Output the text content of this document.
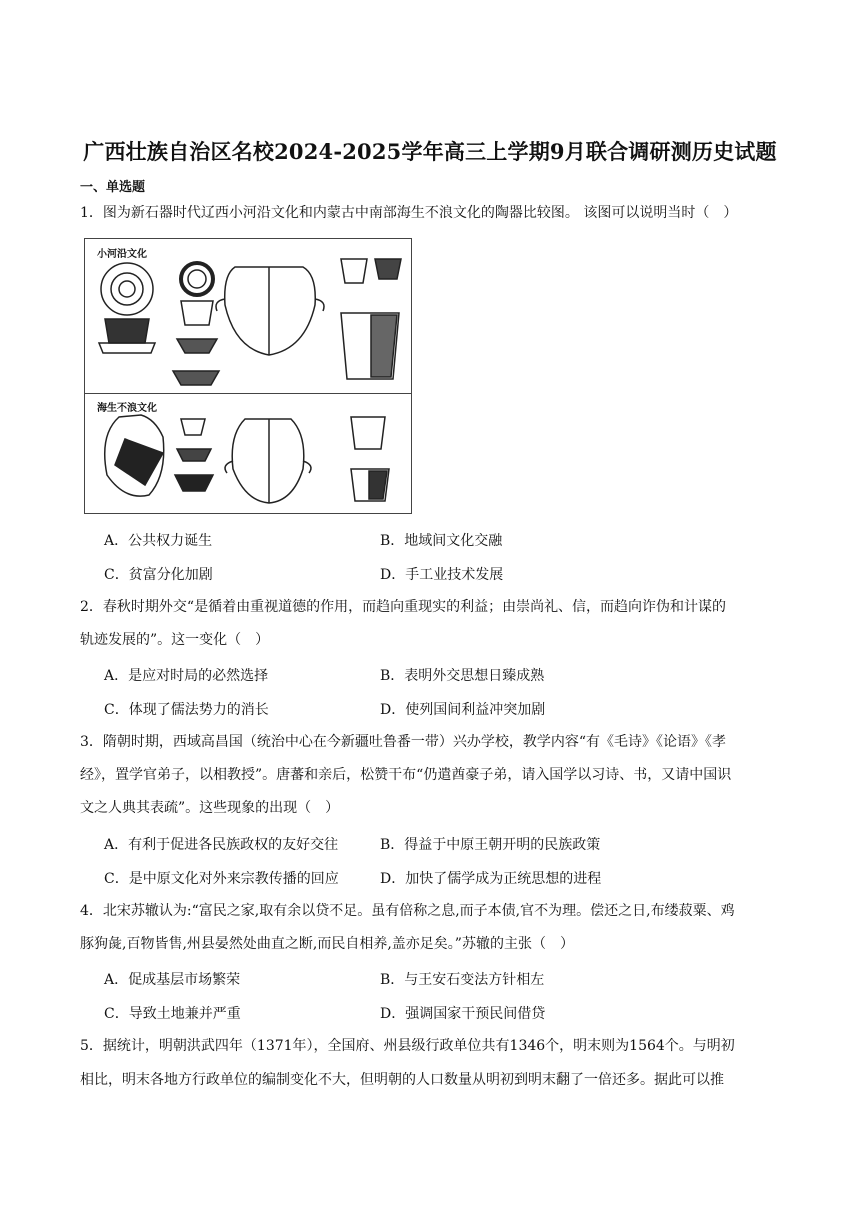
广西壮族自治区名校2024-2025学年高三上学期9月联合调研测历史试题
一、单选题
1．图为新石器时代辽西小河沿文化和内蒙古中南部海生不浪文化的陶器比较图。 该图可以说明当时（　）
小河沿文化
海生不浪文化
A．公共权力诞生	B．地域间文化交融
C．贫富分化加剧	D．手工业技术发展
2．春秋时期外交“是循着由重视道德的作用，而趋向重现实的利益；由崇尚礼、信，而趋向诈伪和计谋的
轨迹发展的”。这一变化（　）
A．是应对时局的必然选择	B．表明外交思想日臻成熟
C．体现了儒法势力的消长	D．使列国间利益冲突加剧
3．隋朝时期，西域高昌国（统治中心在今新疆吐鲁番一带）兴办学校，教学内容“有《毛诗》《论语》《孝
经》，置学官弟子，以相教授”。唐蕃和亲后，松赞干布“仍遣酋豪子弟，请入国学以习诗、书，又请中国识
文之人典其表疏”。这些现象的出现（　）
A．有利于促进各民族政权的友好交往	B．得益于中原王朝开明的民族政策
C．是中原文化对外来宗教传播的回应	D．加快了儒学成为正统思想的进程
4．北宋苏辙认为:“富民之家,取有余以贷不足。虽有倍称之息,而子本债,官不为理。偿还之日,布缕菽粟、鸡
豚狗彘,百物皆售,州县晏然处曲直之断,而民自相养,盖亦足矣。”苏辙的主张（　）
A．促成基层市场繁荣	B．与王安石变法方针相左
C．导致土地兼并严重	D．强调国家干预民间借贷
5．据统计，明朝洪武四年（1371年），全国府、州县级行政单位共有1346个，明末则为1564个。与明初
相比，明末各地方行政单位的编制变化不大，但明朝的人口数量从明初到明末翻了一倍还多。据此可以推
